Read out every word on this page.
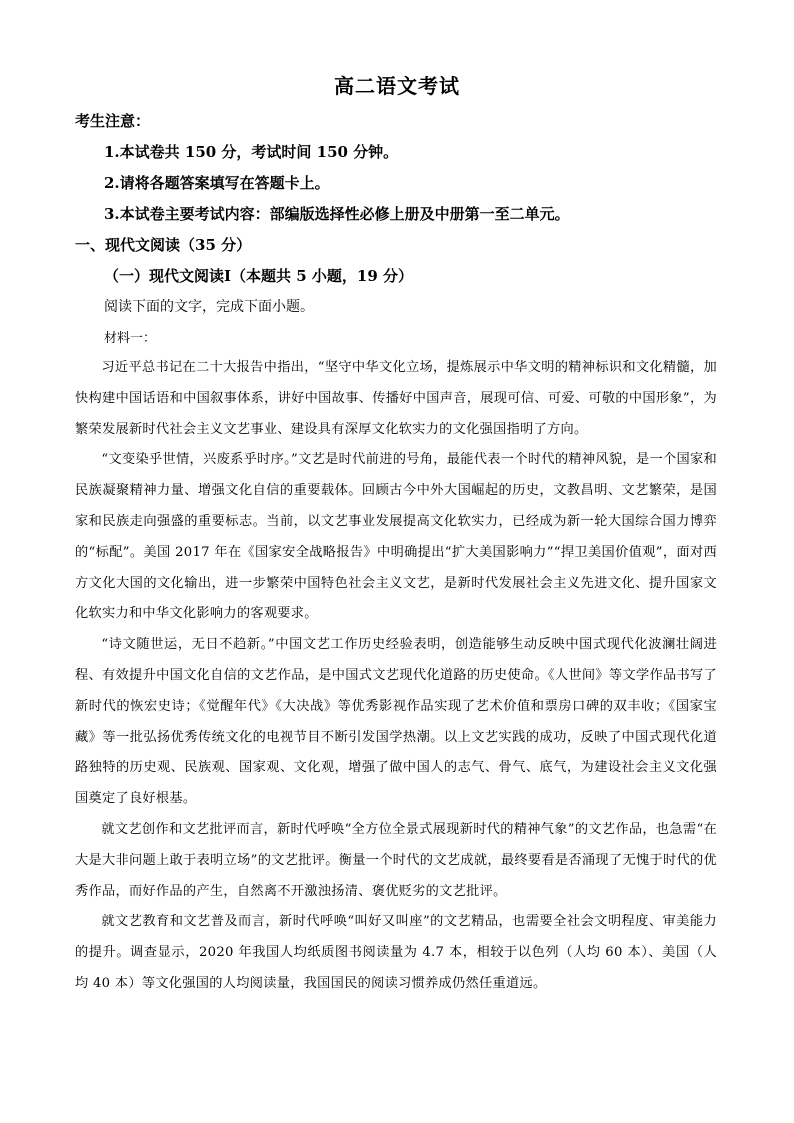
高二语文考试
考生注意：
1.本试卷共 150 分，考试时间 150 分钟。
2.请将各题答案填写在答题卡上。
3.本试卷主要考试内容：部编版选择性必修上册及中册第一至二单元。
一、现代文阅读（35 分）
（一）现代文阅读Ⅰ（本题共 5 小题，19 分）
阅读下面的文字，完成下面小题。
材料一：

习近平总书记在二十大报告中指出，“坚守中华文化立场，提炼展示中华文明的精神标识和文化精髓，加快构建中国话语和中国叙事体系，讲好中国故事、传播好中国声音，展现可信、可爱、可敬的中国形象”，为繁荣发展新时代社会主义文艺事业、建设具有深厚文化软实力的文化强国指明了方向。

“文变染乎世情，兴废系乎时序。”文艺是时代前进的号角，最能代表一个时代的精神风貌，是一个国家和民族凝聚精神力量、增强文化自信的重要载体。回顾古今中外大国崛起的历史，文教昌明、文艺繁荣，是国家和民族走向强盛的重要标志。当前，以文艺事业发展提高文化软实力，已经成为新一轮大国综合国力博弈的“标配”。美国 2017 年在《国家安全战略报告》中明确提出“扩大美国影响力”“捍卫美国价值观”，面对西方文化大国的文化输出，进一步繁荣中国特色社会主义文艺，是新时代发展社会主义先进文化、提升国家文化软实力和中华文化影响力的客观要求。

“诗文随世运，无日不趋新。”中国文艺工作历史经验表明，创造能够生动反映中国式现代化波澜壮阔进程、有效提升中国文化自信的文艺作品，是中国式文艺现代化道路的历史使命。《人世间》等文学作品书写了新时代的恢宏史诗；《觉醒年代》《大决战》等优秀影视作品实现了艺术价值和票房口碑的双丰收；《国家宝藏》等一批弘扬优秀传统文化的电视节目不断引发国学热潮。以上文艺实践的成功，反映了中国式现代化道路独特的历史观、民族观、国家观、文化观，增强了做中国人的志气、骨气、底气，为建设社会主义文化强国奠定了良好根基。

就文艺创作和文艺批评而言，新时代呼唤“全方位全景式展现新时代的精神气象”的文艺作品，也急需“在大是大非问题上敢于表明立场”的文艺批评。衡量一个时代的文艺成就，最终要看是否涌现了无愧于时代的优秀作品，而好作品的产生，自然离不开激浊扬清、褒优贬劣的文艺批评。

就文艺教育和文艺普及而言，新时代呼唤“叫好又叫座”的文艺精品，也需要全社会文明程度、审美能力的提升。调查显示，2020 年我国人均纸质图书阅读量为 4.7 本，相较于以色列（人均 60 本）、美国（人均 40 本）等文化强国的人均阅读量，我国国民的阅读习惯养成仍然任重道远。
